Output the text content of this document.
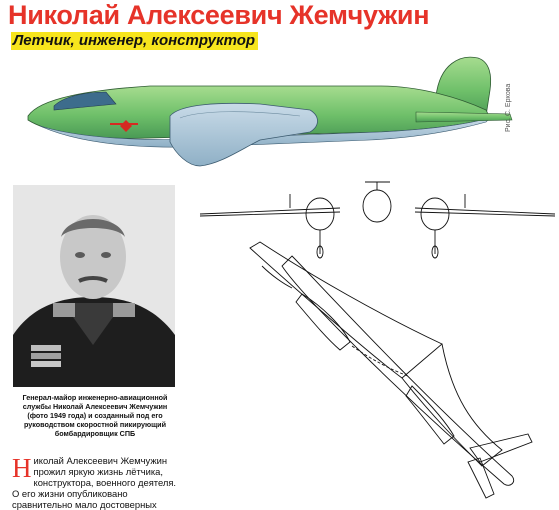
Николай Алексеевич Жемчужин
Летчик, инженер, конструктор
Рис. С. Ерхова
Генерал-майор инженерно-авиационной службы Николай Алексеевич Жемчужин (фото 1949 года) и созданный под его руководством скоростной пикирующий бомбардировщик СПБ
Николай Алексеевич Жемчужин прожил яркую жизнь лётчика, конструктора, военного деятеля. О его жизни опубликовано сравнительно мало достоверных
